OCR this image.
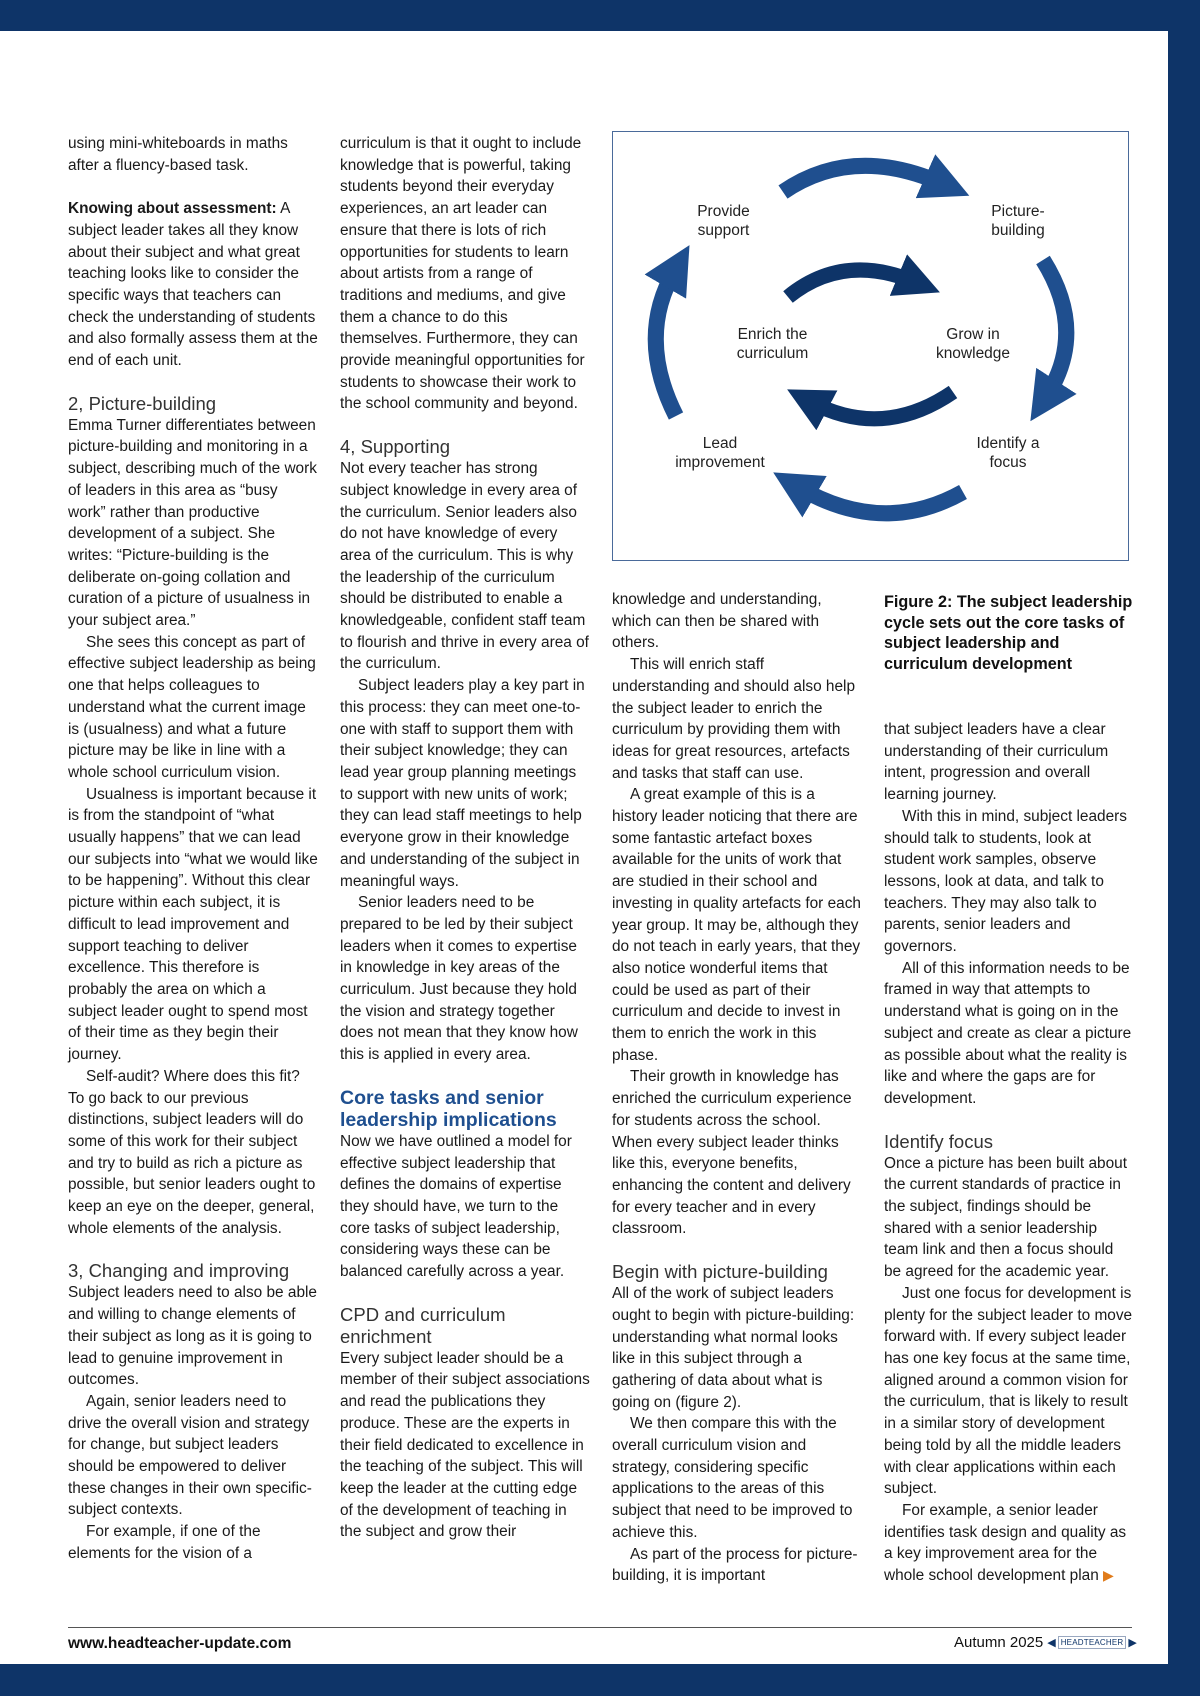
using mini-whiteboards in maths after a fluency-based task.

Knowing about assessment: A subject leader takes all they know about their subject and what great teaching looks like to consider the specific ways that teachers can check the understanding of students and also formally assess them at the end of each unit.

2, Picture-building

Emma Turner differentiates between picture-building and monitoring in a subject, describing much of the work of leaders in this area as “busy work” rather than productive development of a subject. She writes: “Picture-building is the deliberate on-going collation and curation of a picture of usualness in your subject area.”

She sees this concept as part of effective subject leadership as being one that helps colleagues to understand what the current image is (usualness) and what a future picture may be like in line with a whole school curriculum vision.

Usualness is important because it is from the standpoint of “what usually happens” that we can lead our subjects into “what we would like to be happening”. Without this clear picture within each subject, it is difficult to lead improvement and support teaching to deliver excellence. This therefore is probably the area on which a subject leader ought to spend most of their time as they begin their journey.

Self-audit? Where does this fit? To go back to our previous distinctions, subject leaders will do some of this work for their subject and try to build as rich a picture as possible, but senior leaders ought to keep an eye on the deeper, general, whole elements of the analysis.

3, Changing and improving

Subject leaders need to also be able and willing to change elements of their subject as long as it is going to lead to genuine improvement in outcomes.

Again, senior leaders need to drive the overall vision and strategy for change, but subject leaders should be empowered to deliver these changes in their own specific-subject contexts.

For example, if one of the elements for the vision of a

curriculum is that it ought to include knowledge that is powerful, taking students beyond their everyday experiences, an art leader can ensure that there is lots of rich opportunities for students to learn about artists from a range of traditions and mediums, and give them a chance to do this themselves. Furthermore, they can provide meaningful opportunities for students to showcase their work to the school community and beyond.

4, Supporting

Not every teacher has strong subject knowledge in every area of the curriculum. Senior leaders also do not have knowledge of every area of the curriculum. This is why the leadership of the curriculum should be distributed to enable a knowledgeable, confident staff team to flourish and thrive in every area of the curriculum.

Subject leaders play a key part in this process: they can meet one-to-one with staff to support them with their subject knowledge; they can lead year group planning meetings to support with new units of work; they can lead staff meetings to help everyone grow in their knowledge and understanding of the subject in meaningful ways.

Senior leaders need to be prepared to be led by their subject leaders when it comes to expertise in knowledge in key areas of the curriculum. Just because they hold the vision and strategy together does not mean that they know how this is applied in every area.

Core tasks and senior leadership implications

Now we have outlined a model for effective subject leadership that defines the domains of expertise they should have, we turn to the core tasks of subject leadership, considering ways these can be balanced carefully across a year.

CPD and curriculum enrichment

Every subject leader should be a member of their subject associations and read the publications they produce. These are the experts in their field dedicated to excellence in the teaching of the subject. This will keep the leader at the cutting edge of the development of teaching in the subject and grow their

Provide support
Picture-building
Identify a focus
Lead improvement
Enrich the curriculum
Grow in knowledge
Figure 2: The subject leadership cycle sets out the core tasks of subject leadership and curriculum development

knowledge and understanding, which can then be shared with others.

This will enrich staff understanding and should also help the subject leader to enrich the curriculum by providing them with ideas for great resources, artefacts and tasks that staff can use.

A great example of this is a history leader noticing that there are some fantastic artefact boxes available for the units of work that are studied in their school and investing in quality artefacts for each year group. It may be, although they do not teach in early years, that they also notice wonderful items that could be used as part of their curriculum and decide to invest in them to enrich the work in this phase.

Their growth in knowledge has enriched the curriculum experience for students across the school. When every subject leader thinks like this, everyone benefits, enhancing the content and delivery for every teacher and in every classroom.

Begin with picture-building

All of the work of subject leaders ought to begin with picture-building: understanding what normal looks like in this subject through a gathering of data about what is going on (figure 2).

We then compare this with the overall curriculum vision and strategy, considering specific applications to the areas of this subject that need to be improved to achieve this.

As part of the process for picture-building, it is important

that subject leaders have a clear understanding of their curriculum intent, progression and overall learning journey.

With this in mind, subject leaders should talk to students, look at student work samples, observe lessons, look at data, and talk to teachers. They may also talk to parents, senior leaders and governors.

All of this information needs to be framed in way that attempts to understand what is going on in the subject and create as clear a picture as possible about what the reality is like and where the gaps are for development.

Identify focus

Once a picture has been built about the current standards of practice in the subject, findings should be shared with a senior leadership team link and then a focus should be agreed for the academic year.

Just one focus for development is plenty for the subject leader to move forward with. If every subject leader has one key focus at the same time, aligned around a common vision for the curriculum, that is likely to result in a similar story of development being told by all the middle leaders with clear applications within each subject.

For example, a senior leader identifies task design and quality as a key improvement area for the whole school development plan ▶

www.headteacher-update.com	Autumn 2025 ◀ HEADTEACHER ▶
